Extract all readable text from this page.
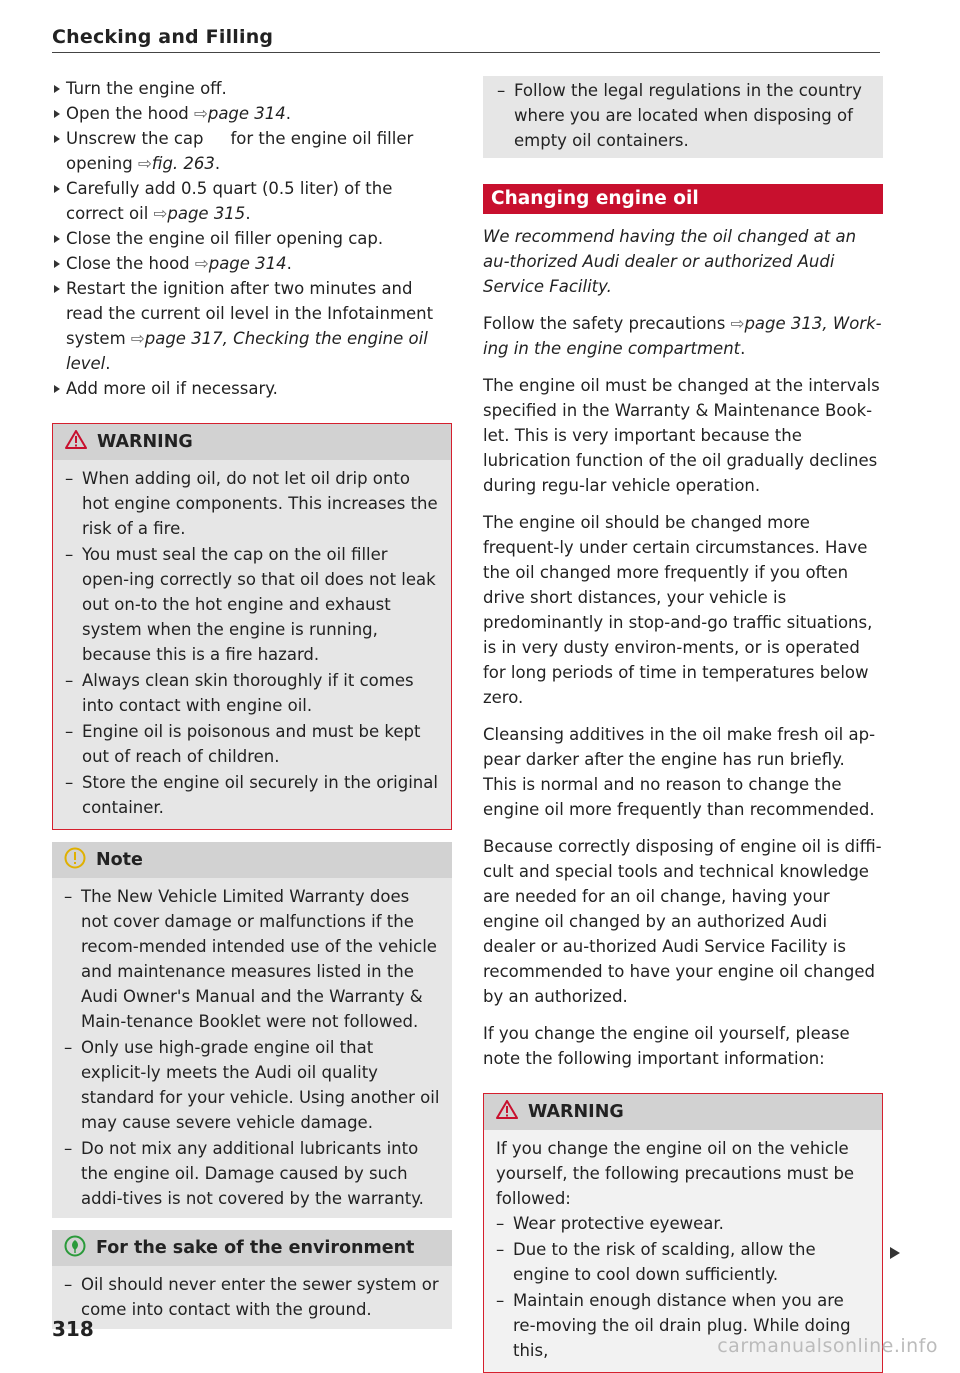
Checking and Filling
Turn the engine off.
Open the hood ⇨page 314.
Unscrew the cap   for the engine oil filler opening ⇨fig. 263.
Carefully add 0.5 quart (0.5 liter) of the correct oil ⇨page 315.
Close the engine oil filler opening cap.
Close the hood ⇨page 314.
Restart the ignition after two minutes and read the current oil level in the Infotainment system ⇨page 317, Checking the engine oil level.
Add more oil if necessary.
WARNING
– When adding oil, do not let oil drip onto hot engine components. This increases the risk of a fire.
– You must seal the cap on the oil filler open-ing correctly so that oil does not leak out on-to the hot engine and exhaust system when the engine is running, because this is a fire hazard.
– Always clean skin thoroughly if it comes into contact with engine oil.
– Engine oil is poisonous and must be kept out of reach of children.
– Store the engine oil securely in the original container.
Note
– The New Vehicle Limited Warranty does not cover damage or malfunctions if the recom-mended intended use of the vehicle and maintenance measures listed in the Audi Owner's Manual and the Warranty & Main-tenance Booklet were not followed.
– Only use high-grade engine oil that explicit-ly meets the Audi oil quality standard for your vehicle. Using another oil may cause severe vehicle damage.
– Do not mix any additional lubricants into the engine oil. Damage caused by such addi-tives is not covered by the warranty.
For the sake of the environment
– Oil should never enter the sewer system or come into contact with the ground.
– Follow the legal regulations in the country where you are located when disposing of empty oil containers.
Changing engine oil
We recommend having the oil changed at an au-thorized Audi dealer or authorized Audi Service Facility.

Follow the safety precautions ⇨page 313, Work-ing in the engine compartment.

The engine oil must be changed at the intervals specified in the Warranty & Maintenance Book-let. This is very important because the lubrication function of the oil gradually declines during regu-lar vehicle operation.

The engine oil should be changed more frequent-ly under certain circumstances. Have the oil changed more frequently if you often drive short distances, your vehicle is predominantly in stop-and-go traffic situations, is in very dusty environ-ments, or is operated for long periods of time in temperatures below zero.

Cleansing additives in the oil make fresh oil ap-pear darker after the engine has run briefly. This is normal and no reason to change the engine oil more frequently than recommended.

Because correctly disposing of engine oil is diffi-cult and special tools and technical knowledge are needed for an oil change, having your engine oil changed by an authorized Audi dealer or au-thorized Audi Service Facility is recommended to have your engine oil changed by an authorized.

If you change the engine oil yourself, please note the following important information:

WARNING
If you change the engine oil on the vehicle yourself, the following precautions must be followed:
– Wear protective eyewear.
– Due to the risk of scalding, allow the engine to cool down sufficiently.
– Maintain enough distance when you are re-moving the oil drain plug. While doing this,
318
carmanualsonline.info
